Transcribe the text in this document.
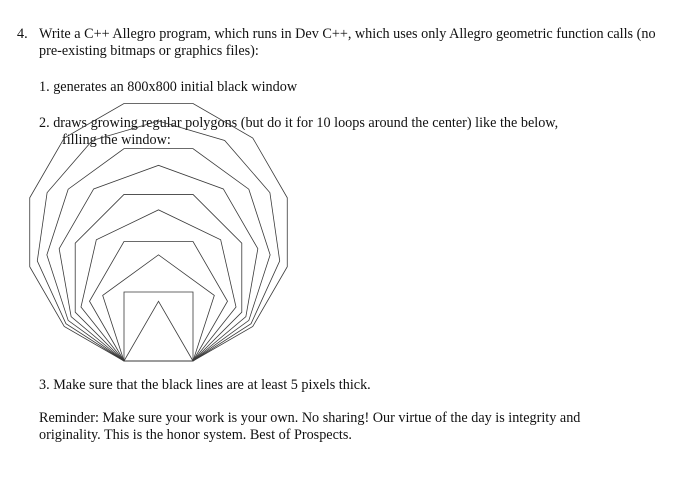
4. Write a C++ Allegro program, which runs in Dev C++, which uses only Allegro geometric function calls (no
pre-existing bitmaps or graphics files):
1. generates an 800x800 initial black window
2. draws growing regular polygons (but do it for 10 loops around the center) like the below,
filling the window:
3. Make sure that the black lines are at least 5 pixels thick.
Reminder: Make sure your work is your own. No sharing! Our virtue of the day is integrity and
originality. This is the honor system. Best of Prospects.
